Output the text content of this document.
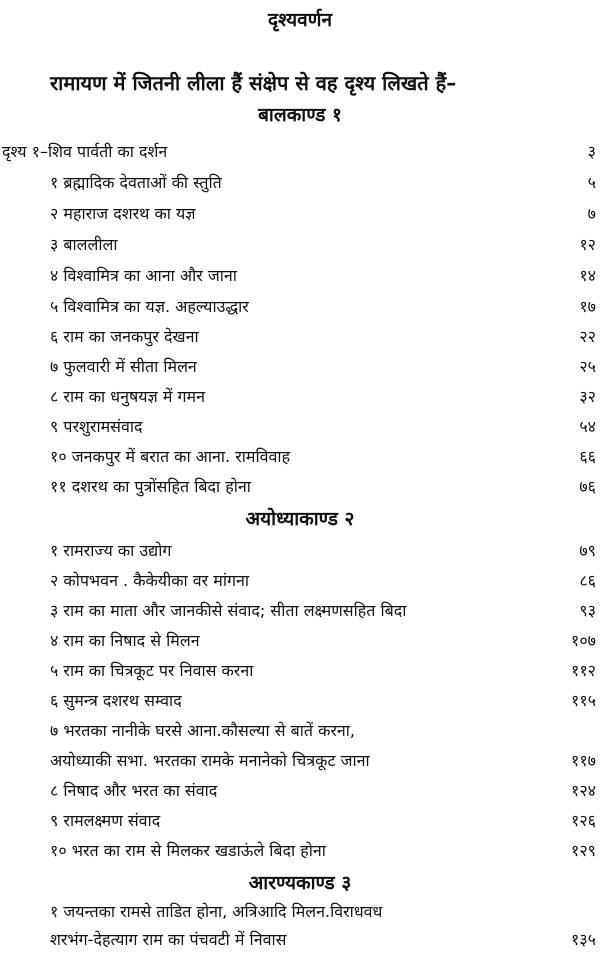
दृश्यवर्णन
रामायण में जितनी लीला हैं संक्षेप से वह दृश्य लिखते हैं–
बालकाण्ड १
दृश्य १–शिव पार्वती का दर्शन	३
१ ब्रह्मादिक देवताओं की स्तुति	५
२ महाराज दशरथ का यज्ञ	७
३ बाललीला	१२
४ विश्वामित्र का आना और जाना	१४
५ विश्वामित्र का यज्ञ. अहल्याउद्धार	१७
६ राम का जनकपुर देखना	२२
७ फुलवारी में सीता मिलन	२५
८ राम का धनुषयज्ञ में गमन	३२
९ परशुरामसंवाद	५४
१० जनकपुर में बरात का आना. रामविवाह	६६
११ दशरथ का पुत्रोंसहित बिदा होना	७६
अयोध्याकाण्ड २
१ रामराज्य का उद्योग	७९
२ कोपभवन . कैकेयीका वर मांगना	८६
३ राम का माता और जानकीसे संवाद; सीता लक्ष्मणसहित बिदा	९३
४ राम का निषाद से मिलन	१०७
५ राम का चित्रकूट पर निवास करना	११२
६ सुमन्त्र दशरथ सम्वाद	११५
७ भरतका नानीके घरसे आना.कौसल्या से बातें करना,
अयोध्याकी सभा. भरतका रामके मनानेको चित्रकूट जाना	११७
८ निषाद और भरत का संवाद	१२४
९ रामलक्ष्मण संवाद	१२६
१० भरत का राम से मिलकर खडाऊंले बिदा होना	१२९
आरण्यकाण्ड ३
१ जयन्तका रामसे ताडित होना, अत्रिआदि मिलन.विराधवध
शरभंग-देहत्याग राम का पंचवटी में निवास	१३५
